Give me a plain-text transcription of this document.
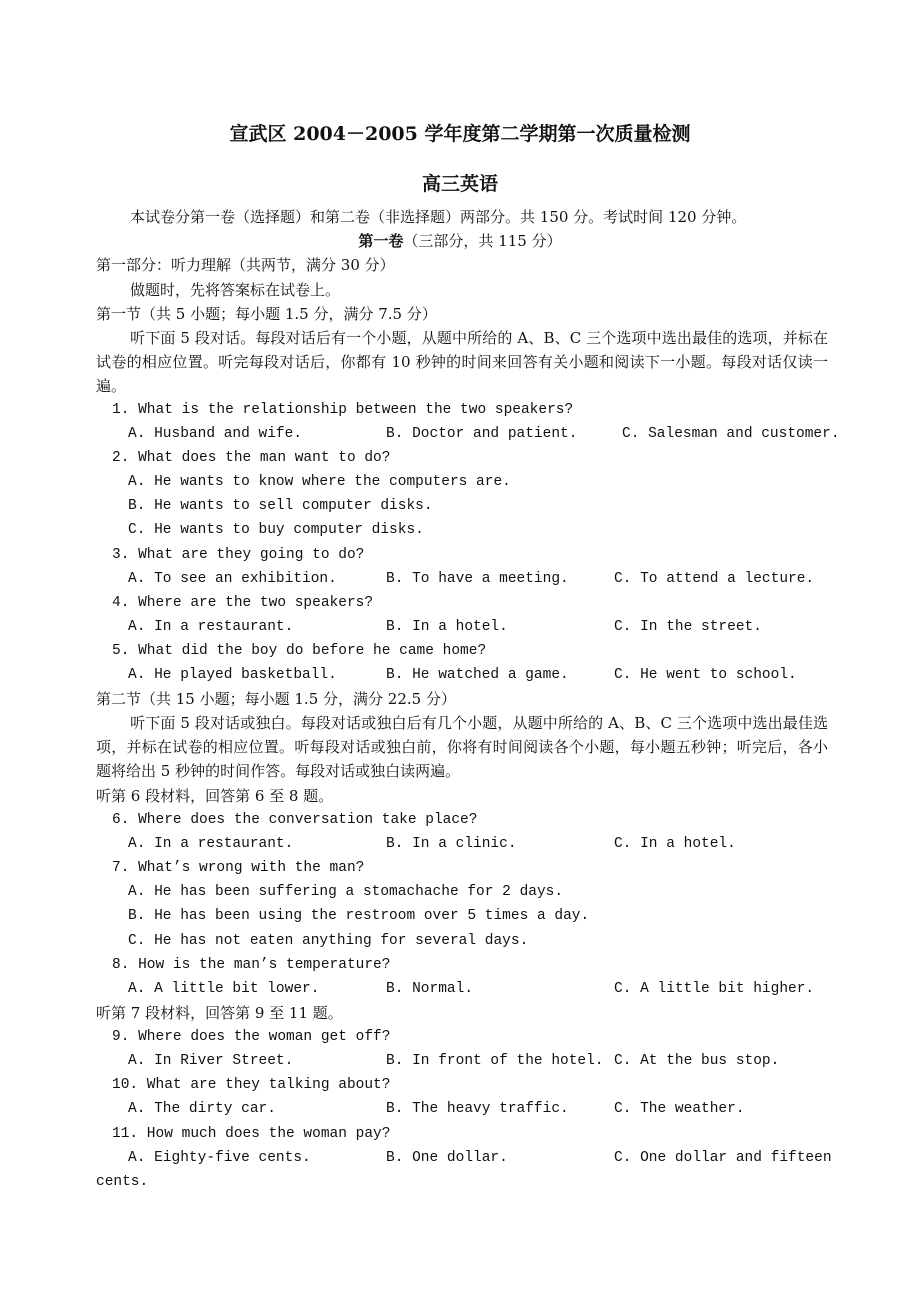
宣武区 2004－2005 学年度第二学期第一次质量检测
高三英语
本试卷分第一卷（选择题）和第二卷（非选择题）两部分。共 150 分。考试时间 120 分钟。
第一卷（三部分，共 115 分）
第一部分：听力理解（共两节，满分 30 分）
做题时，先将答案标在试卷上。
第一节（共 5 小题；每小题 1.5 分，满分 7.5 分）
听下面 5 段对话。每段对话后有一个小题，从题中所给的 A、B、C 三个选项中选出最佳的选项，并标在试卷的相应位置。听完每段对话后，你都有 10 秒钟的时间来回答有关小题和阅读下一小题。每段对话仅读一遍。
1. What is the relationship between the two speakers?
A. Husband and wife.	B. Doctor and patient.	C. Salesman and customer.
2. What does the man want to do?
A. He wants to know where the computers are.
B. He wants to sell computer disks.
C. He wants to buy computer disks.
3. What are they going to do?
A. To see an exhibition.	B. To have a meeting.	C. To attend a lecture.
4. Where are the two speakers?
A. In a restaurant.	B. In a hotel.	C. In the street.
5. What did the boy do before he came home?
A. He played basketball.	B. He watched a game.	C. He went to school.
第二节（共 15 小题；每小题 1.5 分，满分 22.5 分）
听下面 5 段对话或独白。每段对话或独白后有几个小题，从题中所给的 A、B、C 三个选项中选出最佳选项，并标在试卷的相应位置。听每段对话或独白前，你将有时间阅读各个小题，每小题五秒钟；听完后，各小题将给出 5 秒钟的时间作答。每段对话或独白读两遍。
听第 6 段材料，回答第 6 至 8 题。
6. Where does the conversation take place?
A. In a restaurant.	B. In a clinic.	C. In a hotel.
7. What’s wrong with the man?
A. He has been suffering a stomachache for 2 days.
B. He has been using the restroom over 5 times a day.
C. He has not eaten anything for several days.
8. How is the man’s temperature?
A. A little bit lower.	B. Normal.	C. A little bit higher.
听第 7 段材料，回答第 9 至 11 题。
9. Where does the woman get off?
A. In River Street.	B. In front of the hotel. C. At the bus stop.
10. What are they talking about?
A. The dirty car.	B. The heavy traffic.	C. The weather.
11. How much does the woman pay?
A. Eighty-five cents.	B. One dollar.	C. One dollar and fifteen
cents.
